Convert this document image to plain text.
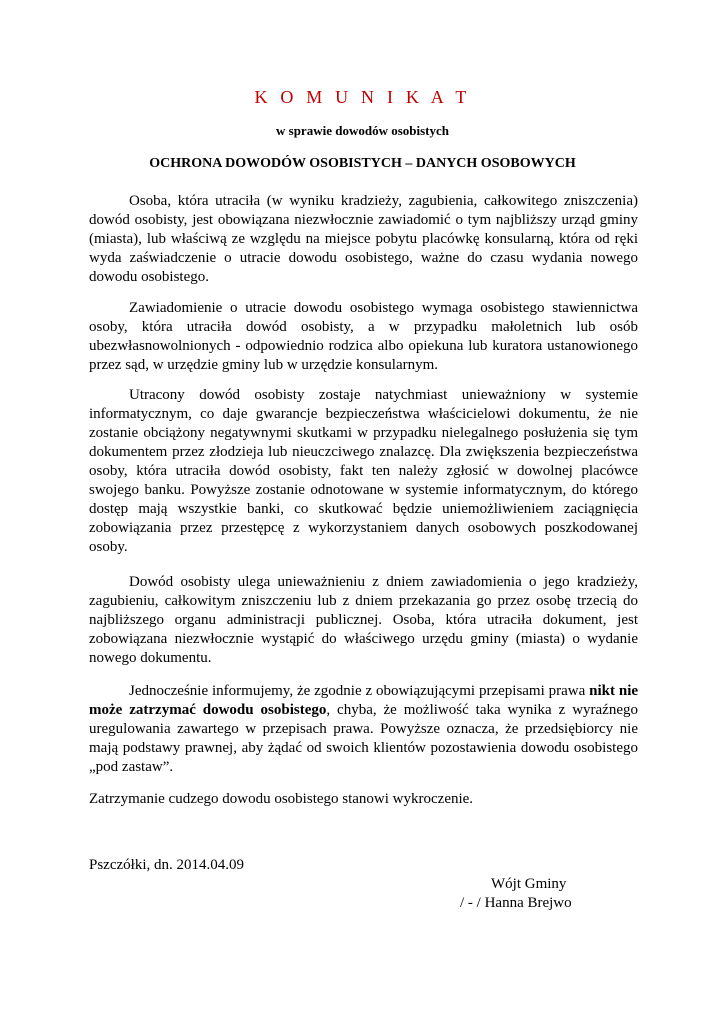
K O M U N I K A T
w sprawie dowodów osobistych
OCHRONA DOWODÓW OSOBISTYCH – DANYCH OSOBOWYCH

Osoba, która utraciła (w wyniku kradzieży, zagubienia, całkowitego zniszczenia) dowód osobisty, jest obowiązana niezwłocznie zawiadomić o tym najbliższy urząd gminy (miasta), lub właściwą ze względu na miejsce pobytu placówkę konsularną, która od ręki wyda zaświadczenie o utracie dowodu osobistego, ważne do czasu wydania nowego dowodu osobistego.

Zawiadomienie o utracie dowodu osobistego wymaga osobistego stawiennictwa osoby, która utraciła dowód osobisty, a w przypadku małoletnich lub osób ubezwłasnowolnionych - odpowiednio rodzica albo opiekuna lub kuratora ustanowionego przez sąd, w urzędzie gminy lub w urzędzie konsularnym.

Utracony dowód osobisty zostaje natychmiast unieważniony w systemie informatycznym, co daje gwarancje bezpieczeństwa właścicielowi dokumentu, że nie zostanie obciążony negatywnymi skutkami w przypadku nielegalnego posłużenia się tym dokumentem przez złodzieja lub nieuczciwego znalazcę. Dla zwiększenia bezpieczeństwa osoby, która utraciła dowód osobisty, fakt ten należy zgłosić w dowolnej placówce swojego banku. Powyższe zostanie odnotowane w systemie informatycznym, do którego dostęp mają wszystkie banki, co skutkować będzie uniemożliwieniem zaciągnięcia zobowiązania przez przestępcę z wykorzystaniem danych osobowych poszkodowanej osoby.

Dowód osobisty ulega unieważnieniu z dniem zawiadomienia o jego kradzieży, zagubieniu, całkowitym zniszczeniu lub z dniem przekazania go przez osobę trzecią do najbliższego organu administracji publicznej. Osoba, która utraciła dokument, jest zobowiązana niezwłocznie wystąpić do właściwego urzędu gminy (miasta) o wydanie nowego dokumentu.

Jednocześnie informujemy, że zgodnie z obowiązującymi przepisami prawa nikt nie może zatrzymać dowodu osobistego, chyba, że możliwość taka wynika z wyraźnego uregulowania zawartego w przepisach prawa. Powyższe oznacza, że przedsiębiorcy nie mają podstawy prawnej, aby żądać od swoich klientów pozostawienia dowodu osobistego „pod zastaw”.

Zatrzymanie cudzego dowodu osobistego stanowi wykroczenie.

Pszczółki, dn. 2014.04.09
Wójt Gminy
/ - / Hanna Brejwo
